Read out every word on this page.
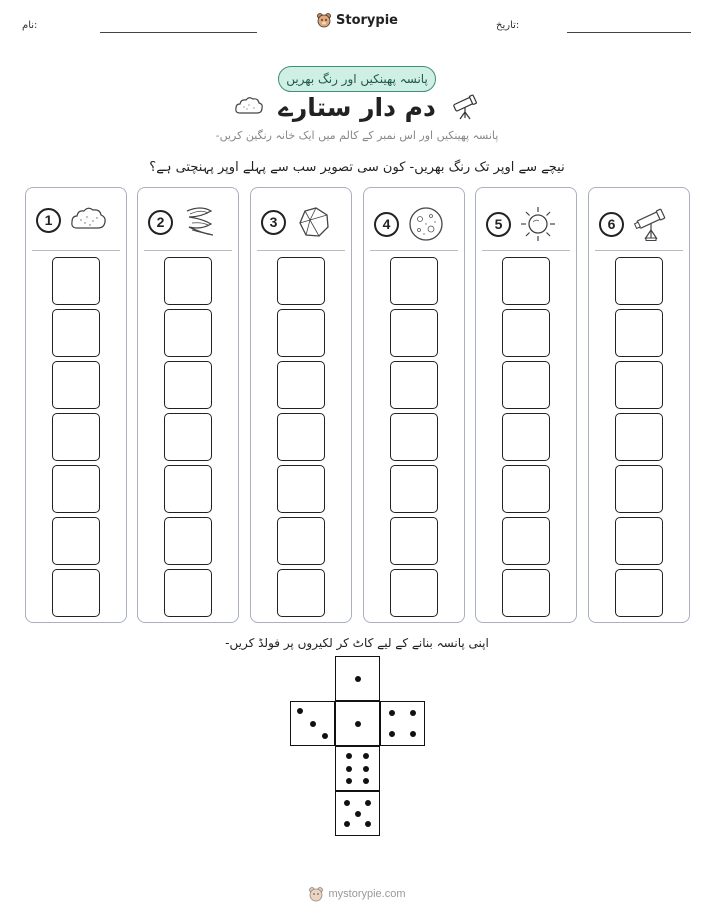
نام:	تاریخ:
Storypie
پانسہ پھینکیں اور رنگ بھریں
دم دار ستارے
پانسہ پھینکیں اور اس نمبر کے کالم میں ایک خانہ رنگین کریں-
نیچے سے اوپر تک رنگ بھریں- کون سی تصویر سب سے پہلے اوپر پہنچتی ہے؟
1	2	3	4	5	6
اپنی پانسہ بنانے کے لیے کاٹ کر لکیروں پر فولڈ کریں-
mystorypie.com
